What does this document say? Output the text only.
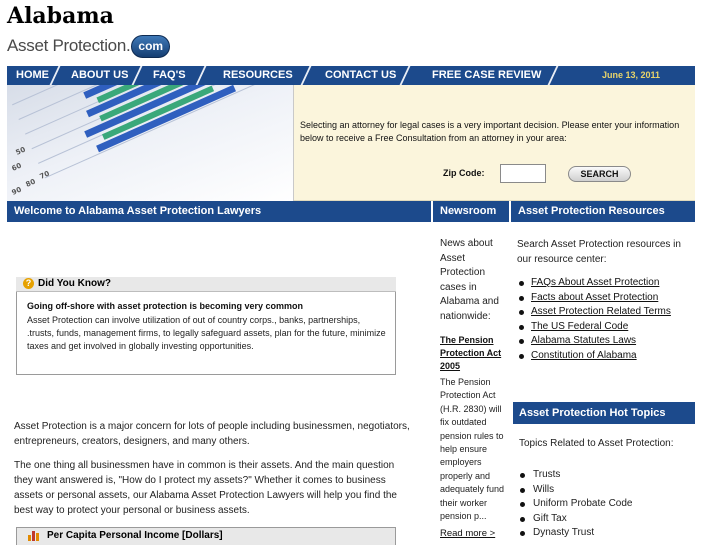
Alabama
Asset Protection. com
HOME ABOUT US FAQ'S	RESOURCES	CONTACT US	FREE CASE REVIEW	June 13, 2011
90
80
70
60
50
Selecting an attorney for legal cases is a very important decision. Please enter your information below to receive a Free Consultation from an attorney in your area:
Zip Code:	SEARCH
Welcome to Alabama Asset Protection Lawyers	Newsroom	Asset Protection Resources
? Did You Know?
Going off-shore with asset protection is becoming very common
Asset Protection can involve utilization of out of country corps., banks, partnerships, .trusts, funds, management firms, to legally safeguard assets, plan for the future, minimize taxes and get involved in globally investing opportunities.
Asset Protection is a major concern for lots of people including businessmen, negotiators, entrepreneurs, creators, designers, and many others.
The one thing all businessmen have in common is their assets. And the main question they want answered is, "How do I protect my assets?" Whether it comes to business assets or personal assets, our Alabama Asset Protection Lawyers will help you find the best way to protect your personal or business assets.
Per Capita Personal Income [Dollars]
News about Asset Protection cases in Alabama and nationwide:
The Pension Protection Act 2005
The Pension Protection Act (H.R. 2830) will fix outdated pension rules to help ensure employers properly and adequately fund their worker pension p...
Read more >
Search Asset Protection resources in our resource center:
FAQs About Asset Protection
Facts about Asset Protection
Asset Protection Related Terms
The US Federal Code
Alabama Statutes Laws
Constitution of Alabama
Asset Protection Hot Topics
Topics Related to Asset Protection:
Trusts
Wills
Uniform Probate Code
Gift Tax
Dynasty Trust
